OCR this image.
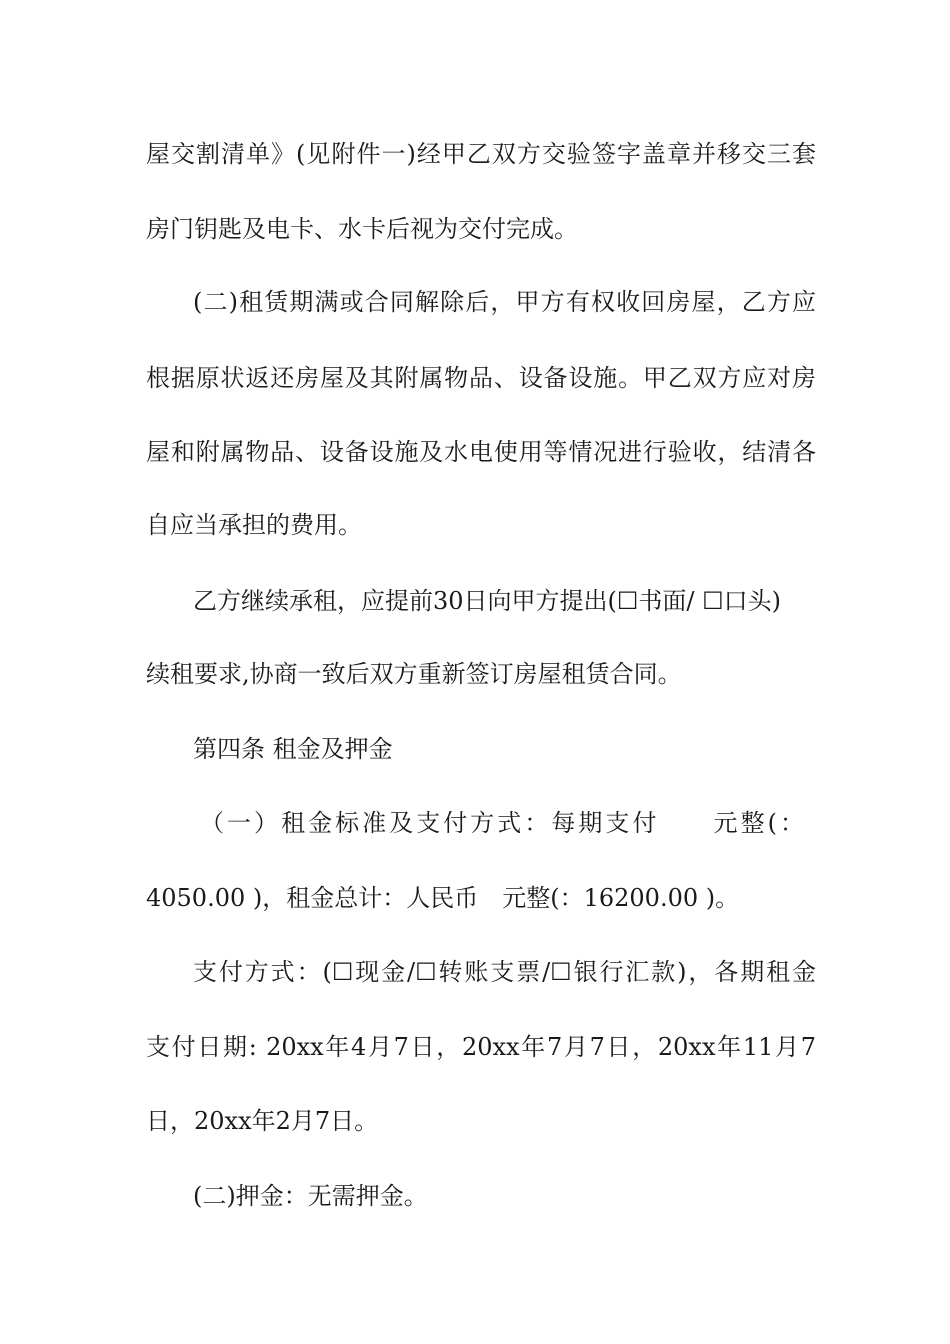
屋交割清单》(见附件一)经甲乙双方交验签字盖章并移交三套
房门钥匙及电卡、水卡后视为交付完成。
(二)租赁期满或合同解除后，甲方有权收回房屋，乙方应
根据原状返还房屋及其附属物品、设备设施。甲乙双方应对房
屋和附属物品、设备设施及水电使用等情况进行验收，结清各
自应当承担的费用。
乙方继续承租，应提前30日向甲方提出(☐书面/ ☐口头)
续租要求,协商一致后双方重新签订房屋租赁合同。
第四条 租金及押金
（一）租金标准及支付方式：每期支付　　元整(：
4050.00 )，租金总计：人民币　元整(：16200.00 )。
支付方式：(☐现金/☐转账支票/☐银行汇款)，各期租金
支付日期: 20xx年4月7日，20xx年7月7日，20xx年11月7
日，20xx年2月7日。
(二)押金：无需押金。
